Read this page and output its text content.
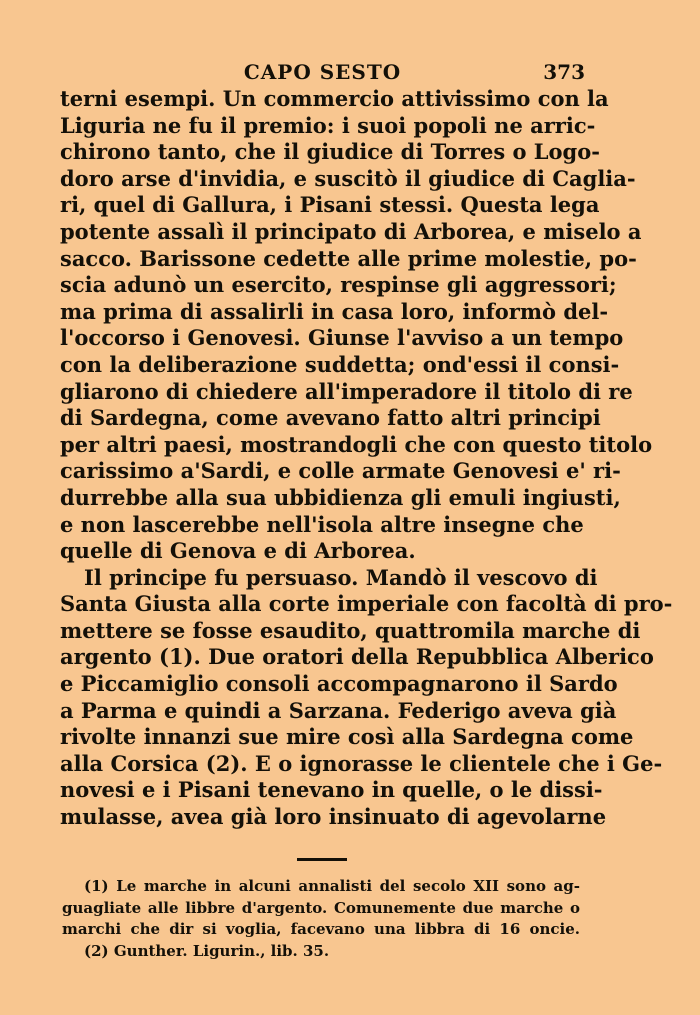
CAPO SESTO	373
terni esempi. Un commercio attivissimo con la
Liguria ne fu il premio: i suoi popoli ne arric-
chirono tanto, che il giudice di Torres o Logo-
doro arse d'invidia, e suscitò il giudice di Caglia-
ri, quel di Gallura, i Pisani stessi. Questa lega
potente assalì il principato di Arborea, e miselo a
sacco. Barissone cedette alle prime molestie, po-
scia adunò un esercito, respinse gli aggressori;
ma prima di assalirli in casa loro, informò del-
l'occorso i Genovesi. Giunse l'avviso a un tempo
con la deliberazione suddetta; ond'essi il consi-
gliarono di chiedere all'imperadore il titolo di re
di Sardegna, come avevano fatto altri principi
per altri paesi, mostrandogli che con questo titolo
carissimo a'Sardi, e colle armate Genovesi e' ri-
durrebbe alla sua ubbidienza gli emuli ingiusti,
e non lascerebbe nell'isola altre insegne che
quelle di Genova e di Arborea.
Il principe fu persuaso. Mandò il vescovo di
Santa Giusta alla corte imperiale con facoltà di pro-
mettere se fosse esaudito, quattromila marche di
argento (1). Due oratori della Repubblica Alberico
e Piccamiglio consoli accompagnarono il Sardo
a Parma e quindi a Sarzana. Federigo aveva già
rivolte innanzi sue mire così alla Sardegna come
alla Corsica (2). E o ignorasse le clientele che i Ge-
novesi e i Pisani tenevano in quelle, o le dissi-
mulasse, avea già loro insinuato di agevolarne
(1) Le marche in alcuni annalisti del secolo XII sono ag-
guagliate alle libbre d'argento. Comunemente due marche o
marchi che dir si voglia, facevano una libbra di 16 oncie.
(2) Gunther. Ligurin., lib. 35.
